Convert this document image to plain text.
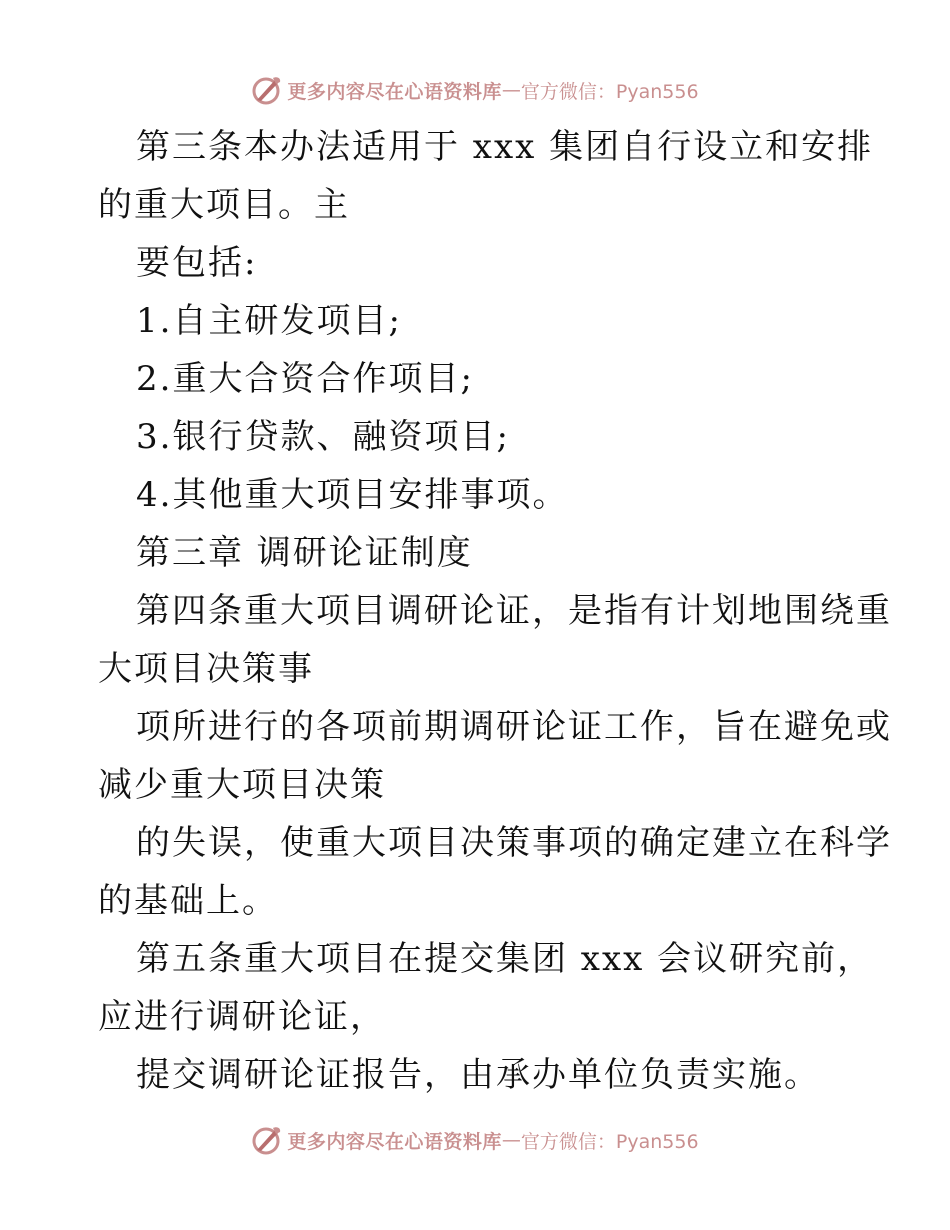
更多内容尽在心语资料库 — 官方微信：Pyan556
第三条本办法适用于 xxx 集团自行设立和安排
的重大项目。主
要包括:
1.自主研发项目;
2.重大合资合作项目;
3.银行贷款、融资项目;
4.其他重大项目安排事项。
第三章 调研论证制度
第四条重大项目调研论证，是指有计划地围绕重
大项目决策事
项所进行的各项前期调研论证工作，旨在避免或
减少重大项目决策
的失误，使重大项目决策事项的确定建立在科学
的基础上。
第五条重大项目在提交集团 xxx 会议研究前，
应进行调研论证，
提交调研论证报告，由承办单位负责实施。
更多内容尽在心语资料库 — 官方微信：Pyan556
